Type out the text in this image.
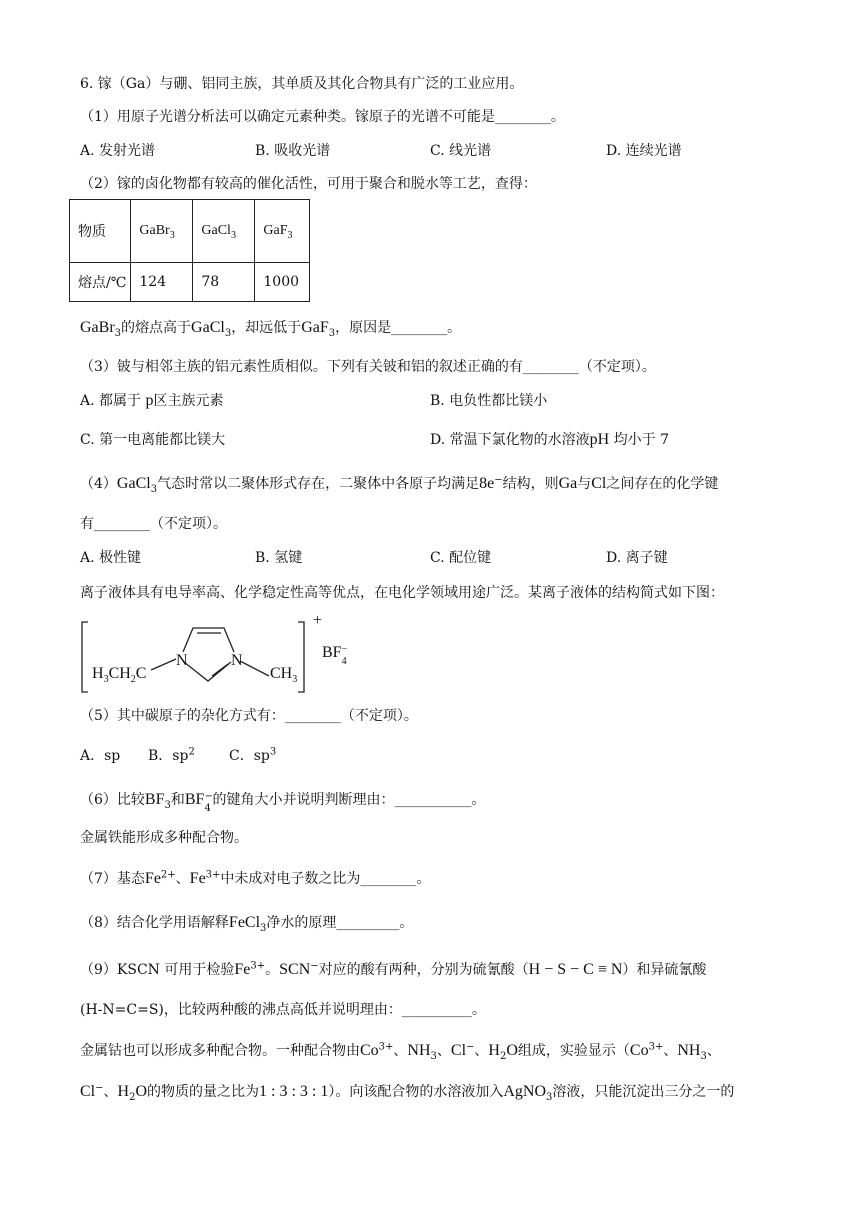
6. 镓（Ga）与硼、铝同主族，其单质及其化合物具有广泛的工业应用。
（1）用原子光谱分析法可以确定元素种类。镓原子的光谱不可能是________。
A. 发射光谱	B. 吸收光谱	C. 线光谱	D. 连续光谱
（2）镓的卤化物都有较高的催化活性，可用于聚合和脱水等工艺，查得：
物质	GaBr$_3$	GaCl$_3$	GaF$_3$
熔点/℃	124	78	1000
GaBr$_3$的熔点高于GaCl$_3$，却远低于GaF$_3$，原因是________。
（3）铍与相邻主族的铝元素性质相似。下列有关铍和铝的叙述正确的有________（不定项）。
A. 都属于 p区主族元素	B. 电负性都比镁小
C. 第一电离能都比镁大	D. 常温下氯化物的水溶液pH 均小于 7
（4）GaCl$_3$气态时常以二聚体形式存在，二聚体中各原子均满足8e−结构，则Ga与Cl之间存在的化学键
有________（不定项）。
A. 极性键	B. 氢键	C. 配位键	D. 离子键
离子液体具有电导率高、化学稳定性高等优点，在电化学领域用途广泛。某离子液体的结构简式如下图：
$H_3CH_2C$
N	N
$CH_3$
+
BF −
4
（5）其中碳原子的杂化方式有：________（不定项）。
A．sp B．$sp^2$ C．$sp^3$
（6）比较$BF_3$和BF −
4
的键角大小并说明判断理由：___________。
金属铁能形成多种配合物。
（7）基态$Fe^{2+}$、$Fe^{3+}$中未成对电子数之比为________。
（8）结合化学用语解释FeCl$_3$净水的原理_________。
（9）KSCN 可用于检验$Fe^{3+}$。SCN−对应的酸有两种，分别为硫氰酸（H − S − C ≡ N）和异硫氰酸
(H-N=C=S)，比较两种酸的沸点高低并说明理由：__________。
金属钴也可以形成多种配合物。一种配合物由$Co^{3+}$、$NH_3$、Cl−、$H_2O$组成，实验显示（$Co^{3+}$、$NH_3$、
Cl−、$H_2O$的物质的量之比为1 : 3 : 3 : 1）。向该配合物的水溶液加入AgNO$_3$溶液，只能沉淀出三分之一的
